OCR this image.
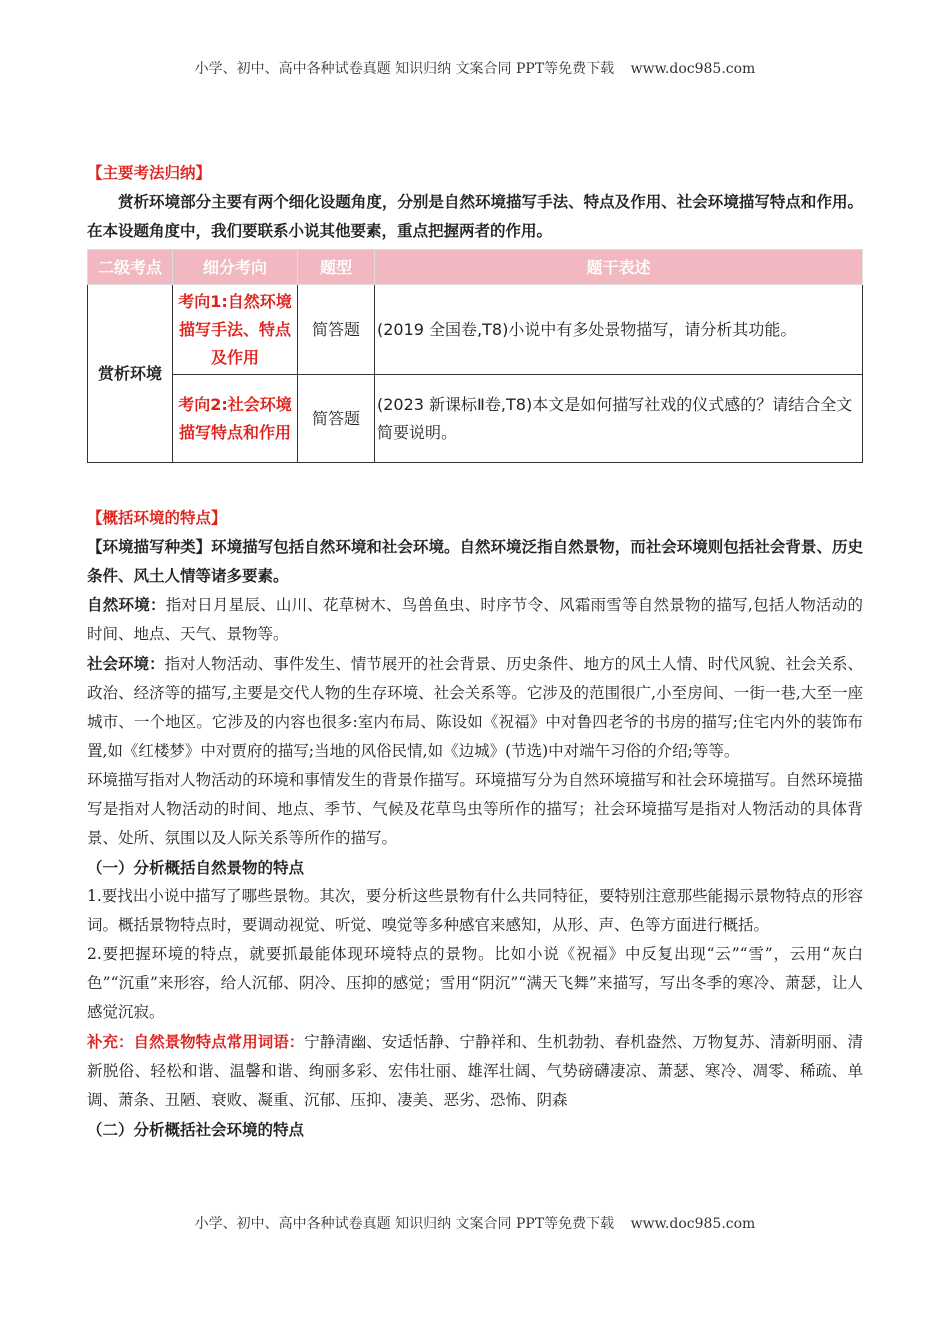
小学、初中、高中各种试卷真题 知识归纳 文案合同 PPT等免费下载 www.doc985.com

【主要考法归纳】

赏析环境部分主要有两个细化设题角度，分别是自然环境描写手法、特点及作用、社会环境描写特点和作用。在本设题角度中，我们要联系小说其他要素，重点把握两者的作用。

二级考点	细分考向	题型	题干表述
赏析环境	考向1:自然环境描写手法、特点及作用	简答题	(2019 全国卷,T8)小说中有多处景物描写，请分析其功能。
	考向2:社会环境描写特点和作用	简答题	(2023 新课标Ⅱ卷,T8)本文是如何描写社戏的仪式感的？请结合全文简要说明。

【概括环境的特点】

【环境描写种类】环境描写包括自然环境和社会环境。自然环境泛指自然景物，而社会环境则包括社会背景、历史条件、风土人情等诸多要素。

自然环境：指对日月星辰、山川、花草树木、鸟兽鱼虫、时序节令、风霜雨雪等自然景物的描写,包括人物活动的时间、地点、天气、景物等。

社会环境：指对人物活动、事件发生、情节展开的社会背景、历史条件、地方的风土人情、时代风貌、社会关系、政治、经济等的描写,主要是交代人物的生存环境、社会关系等。它涉及的范围很广,小至房间、一街一巷,大至一座城市、一个地区。它涉及的内容也很多:室内布局、陈设如《祝福》中对鲁四老爷的书房的描写;住宅内外的装饰布置,如《红楼梦》中对贾府的描写;当地的风俗民情,如《边城》(节选)中对端午习俗的介绍;等等。

环境描写指对人物活动的环境和事情发生的背景作描写。环境描写分为自然环境描写和社会环境描写。自然环境描写是指对人物活动的时间、地点、季节、气候及花草鸟虫等所作的描写；社会环境描写是指对人物活动的具体背景、处所、氛围以及人际关系等所作的描写。

（一）分析概括自然景物的特点

1.要找出小说中描写了哪些景物。其次，要分析这些景物有什么共同特征，要特别注意那些能揭示景物特点的形容词。概括景物特点时，要调动视觉、听觉、嗅觉等多种感官来感知，从形、声、色等方面进行概括。

2.要把握环境的特点，就要抓最能体现环境特点的景物。比如小说《祝福》中反复出现“云”“雪”，云用“灰白色”“沉重”来形容，给人沉郁、阴冷、压抑的感觉；雪用“阴沉”“满天飞舞”来描写，写出冬季的寒冷、萧瑟，让人感觉沉寂。

补充：自然景物特点常用词语：宁静清幽、安适恬静、宁静祥和、生机勃勃、春机盎然、万物复苏、清新明丽、清新脱俗、轻松和谐、温馨和谐、绚丽多彩、宏伟壮丽、雄浑壮阔、气势磅礴凄凉、萧瑟、寒冷、凋零、稀疏、单调、萧条、丑陋、衰败、凝重、沉郁、压抑、凄美、恶劣、恐怖、阴森

（二）分析概括社会环境的特点

小学、初中、高中各种试卷真题 知识归纳 文案合同 PPT等免费下载 www.doc985.com
